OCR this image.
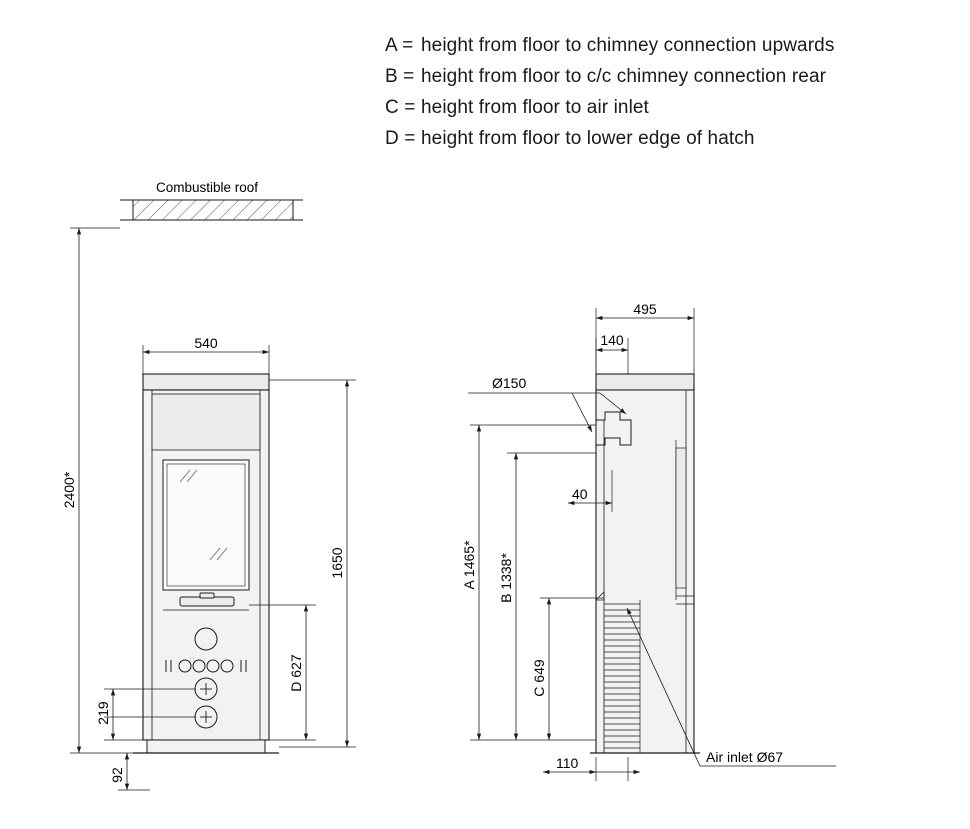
A = height from floor to chimney connection upwards
B = height from floor to c/c chimney connection rear
C = height from floor to air inlet
D = height from floor to lower edge of hatch
Combustible roof
540
2400*
1650
D 627
219
92
495
140
Ø150
40
A 1465* B 1338*
C 649
110	Air inlet Ø67
